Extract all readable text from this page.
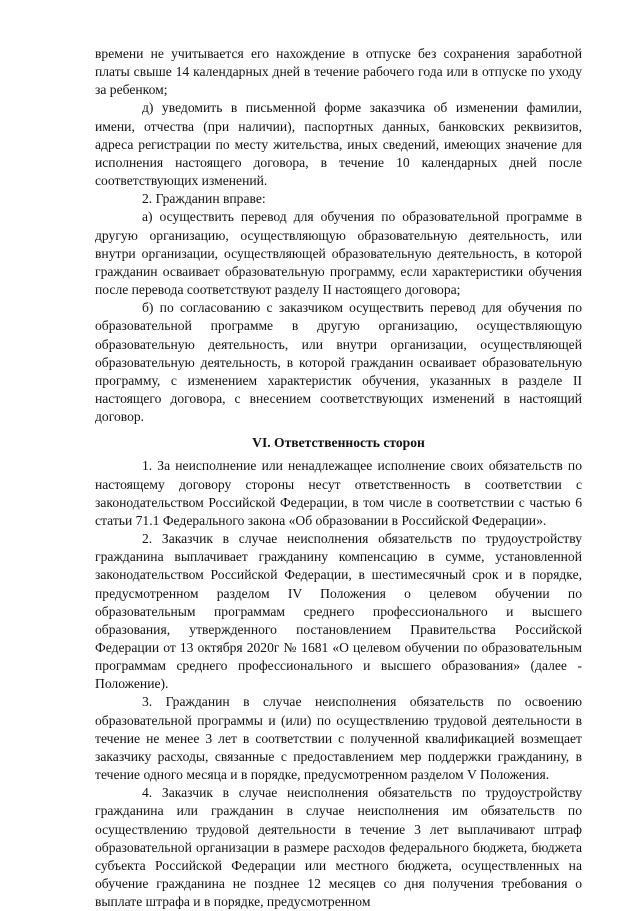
времени не учитывается его нахождение в отпуске без сохранения заработной платы свыше 14 календарных дней в течение рабочего года или в отпуске по уходу за ребенком;

д) уведомить в письменной форме заказчика об изменении фамилии, имени, отчества (при наличии), паспортных данных, банковских реквизитов, адреса регистрации по месту жительства, иных сведений, имеющих значение для исполнения настоящего договора, в течение 10 календарных дней после соответствующих изменений.

2. Гражданин вправе:

а) осуществить перевод для обучения по образовательной программе в другую организацию, осуществляющую образовательную деятельность, или внутри организации, осуществляющей образовательную деятельность, в которой гражданин осваивает образовательную программу, если характеристики обучения после перевода соответствуют разделу II настоящего договора;

б) по согласованию с заказчиком осуществить перевод для обучения по образовательной программе в другую организацию, осуществляющую образовательную деятельность, или внутри организации, осуществляющей образовательную деятельность, в которой гражданин осваивает образовательную программу, с изменением характеристик обучения, указанных в разделе II настоящего договора, с внесением соответствующих изменений в настоящий договор.

VI. Ответственность сторон

1. За неисполнение или ненадлежащее исполнение своих обязательств по настоящему договору стороны несут ответственность в соответствии с законодательством Российской Федерации, в том числе в соответствии с частью 6 статьи 71.1 Федерального закона «Об образовании в Российской Федерации».

2. Заказчик в случае неисполнения обязательств по трудоустройству гражданина выплачивает гражданину компенсацию в сумме, установленной законодательством Российской Федерации, в шестимесячный срок и в порядке, предусмотренном разделом IV Положения о целевом обучении по образовательным программам среднего профессионального и высшего образования, утвержденного постановлением Правительства Российской Федерации от 13 октября 2020г № 1681 «О целевом обучении по образовательным программам среднего профессионального и высшего образования» (далее - Положение).

3. Гражданин в случае неисполнения обязательств по освоению образовательной программы и (или) по осуществлению трудовой деятельности в течение не менее 3 лет в соответствии с полученной квалификацией возмещает заказчику расходы, связанные с предоставлением мер поддержки гражданину, в течение одного месяца и в порядке, предусмотренном разделом V Положения.

4. Заказчик в случае неисполнения обязательств по трудоустройству гражданина или гражданин в случае неисполнения им обязательств по осуществлению трудовой деятельности в течение 3 лет выплачивают штраф образовательной организации в размере расходов федерального бюджета, бюджета субъекта Российской Федерации или местного бюджета, осуществленных на обучение гражданина не позднее 12 месяцев со дня получения требования о выплате штрафа и в порядке, предусмотренном
